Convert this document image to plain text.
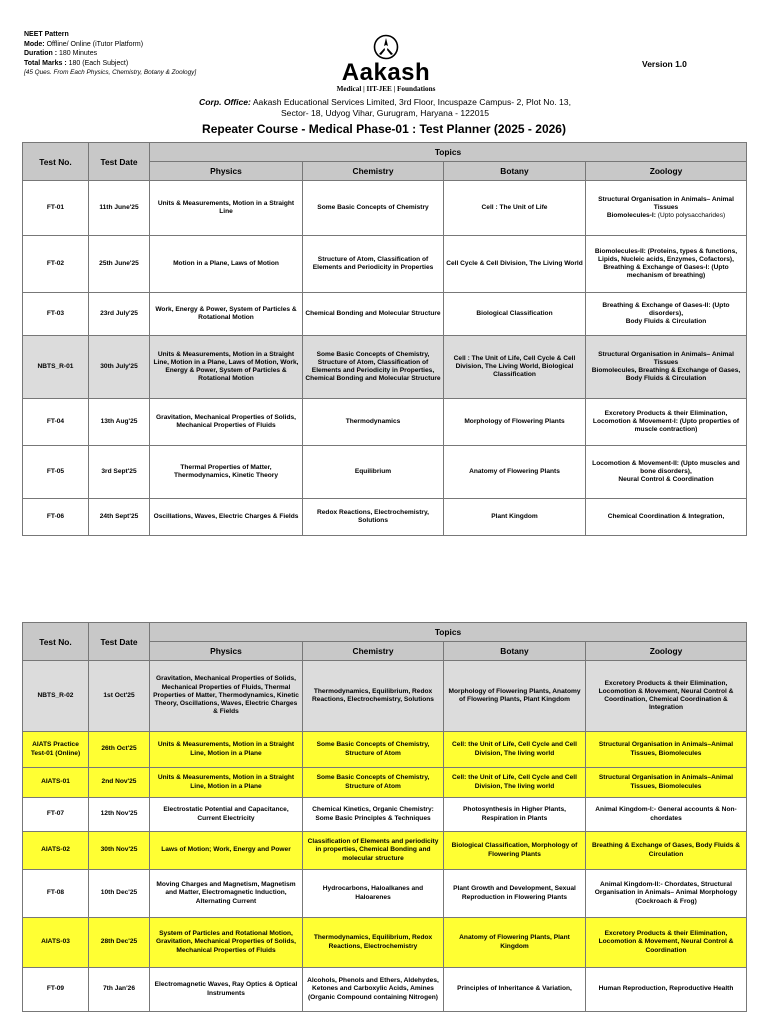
NEET Pattern
Mode: Offline/ Online (iTutor Platform)
Duration : 180 Minutes
Total Marks : 180 (Each Subject)
[45 Ques. From Each Physics, Chemistry, Botany & Zoology]	Aakash
Medical | IIT-JEE | Foundations
Version 1.0
Corp. Office: Aakash Educational Services Limited, 3rd Floor, Incuspaze Campus- 2, Plot No. 13,
Sector- 18, Udyog Vihar, Gurugram, Haryana - 122015
Repeater Course - Medical Phase-01 : Test Planner (2025 - 2026)
Test No.	Test Date	Topics			
		Physics	Chemistry	Botany	Zoology
FT-01	11th June'25	Units & Measurements, Motion in a Straight Line	Some Basic Concepts of Chemistry	Cell : The Unit of Life	Structural Organisation in Animals– Animal Tissues
Biomolecules-I: (Upto polysaccharides)

FT-02	25th June'25	Motion in a Plane, Laws of Motion	Structure of Atom, Classification of Elements and Periodicity in Properties	Cell Cycle & Cell Division, The Living World	Biomolecules-II: (Proteins, types & functions, Lipids, Nucleic acids, Enzymes, Cofactors), Breathing & Exchange of Gases-I: (Upto mechanism of breathing)
FT-03	23rd July'25	Work, Energy & Power, System of Particles & Rotational Motion	Chemical Bonding and Molecular Structure	Biological Classification	Breathing & Exchange of Gases-II: (Upto disorders),
Body Fluids & Circulation

NBTS_R-01	30th July'25	Units & Measurements, Motion in a Straight Line, Motion in a Plane, Laws of Motion, Work, Energy & Power, System of Particles & Rotational Motion	Some Basic Concepts of Chemistry, Structure of Atom, Classification of Elements and Periodicity in Properties, Chemical Bonding and Molecular Structure	Cell : The Unit of Life, Cell Cycle & Cell Division, The Living World, Biological Classification	Structural Organisation in Animals– Animal Tissues
Biomolecules, Breathing & Exchange of Gases, Body Fluids & Circulation

FT-04	13th Aug'25	Gravitation, Mechanical Properties of Solids, Mechanical Properties of Fluids	Thermodynamics	Morphology of Flowering Plants	Excretory Products & their Elimination, Locomotion & Movement-I: (Upto properties of muscle contraction)
FT-05	3rd Sept'25	Thermal Properties of Matter, Thermodynamics, Kinetic Theory	Equilibrium	Anatomy of Flowering Plants	Locomotion & Movement-II: (Upto muscles and bone disorders),
Neural Control & Coordination

FT-06	24th Sept'25	Oscillations, Waves, Electric Charges & Fields	Redox Reactions, Electrochemistry, Solutions	Plant Kingdom	Chemical Coordination & Integration,
Test No.	Test Date	Topics			
		Physics	Chemistry	Botany	Zoology
NBTS_R-02	1st Oct'25	Gravitation, Mechanical Properties of Solids, Mechanical Properties of Fluids, Thermal Properties of Matter, Thermodynamics, Kinetic Theory, Oscillations, Waves, Electric Charges & Fields	Thermodynamics, Equilibrium, Redox Reactions, Electrochemistry, Solutions	Morphology of Flowering Plants, Anatomy of Flowering Plants, Plant Kingdom	Excretory Products & their Elimination, Locomotion & Movement, Neural Control & Coordination, Chemical Coordination & Integration
AIATS Practice Test-01 (Online)	26th Oct'25	Units & Measurements, Motion in a Straight Line, Motion in a Plane	Some Basic Concepts of Chemistry, Structure of Atom	Cell: the Unit of Life, Cell Cycle and Cell Division, The living world	Structural Organisation in Animals–Animal Tissues, Biomolecules
AIATS-01	2nd Nov'25	Units & Measurements, Motion in a Straight Line, Motion in a Plane	Some Basic Concepts of Chemistry, Structure of Atom	Cell: the Unit of Life, Cell Cycle and Cell Division, The living world	Structural Organisation in Animals–Animal Tissues, Biomolecules
FT-07	12th Nov'25	Electrostatic Potential and Capacitance, Current Electricity	Chemical Kinetics, Organic Chemistry: Some Basic Principles & Techniques	Photosynthesis in Higher Plants, Respiration in Plants	Animal Kingdom-I:- General accounts & Non-chordates
AIATS-02	30th Nov'25	Laws of Motion; Work, Energy and Power	Classification of Elements and periodicity in properties, Chemical Bonding and molecular structure	Biological Classification, Morphology of Flowering Plants	Breathing & Exchange of Gases, Body Fluids & Circulation
FT-08	10th Dec'25	Moving Charges and Magnetism, Magnetism and Matter, Electromagnetic Induction, Alternating Current	Hydrocarbons, Haloalkanes and Haloarenes	Plant Growth and Development, Sexual Reproduction in Flowering Plants	Animal Kingdom-II:- Chordates, Structural Organisation in Animals– Animal Morphology (Cockroach & Frog)
AIATS-03	28th Dec'25	System of Particles and Rotational Motion, Gravitation, Mechanical Properties of Solids, Mechanical Properties of Fluids	Thermodynamics, Equilibrium, Redox Reactions, Electrochemistry	Anatomy of Flowering Plants, Plant Kingdom	Excretory Products & their Elimination, Locomotion & Movement, Neural Control & Coordination
FT-09	7th Jan'26	Electromagnetic Waves, Ray Optics & Optical Instruments	Alcohols, Phenols and Ethers, Aldehydes, Ketones and Carboxylic Acids, Amines (Organic Compound containing Nitrogen)	Principles of Inheritance & Variation,	Human Reproduction, Reproductive Health
